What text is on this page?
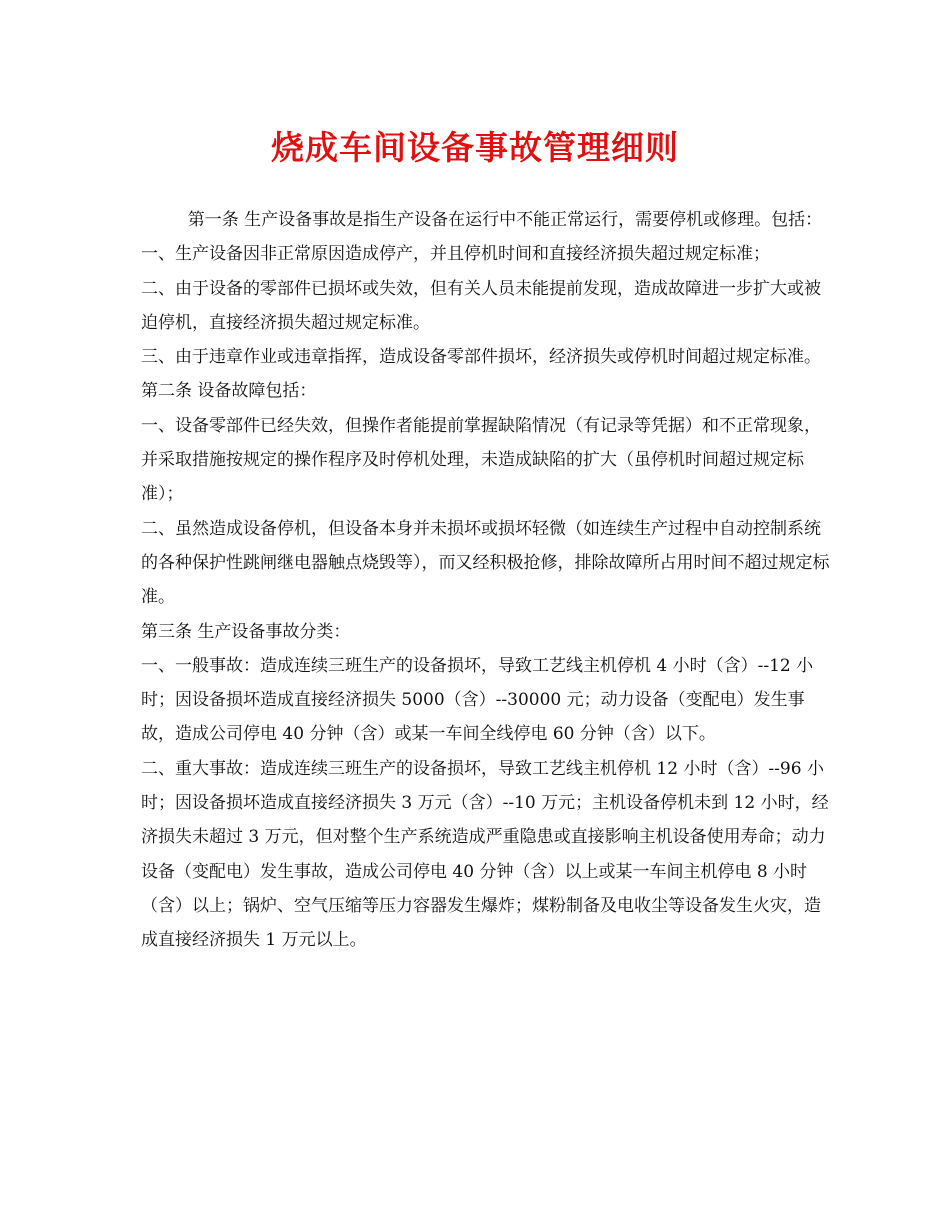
烧成车间设备事故管理细则

第一条 生产设备事故是指生产设备在运行中不能正常运行，需要停机或修理。包括：

一、生产设备因非正常原因造成停产，并且停机时间和直接经济损失超过规定标准；

二、由于设备的零部件已损坏或失效，但有关人员未能提前发现，造成故障进一步扩大或被迫停机，直接经济损失超过规定标准。

三、由于违章作业或违章指挥，造成设备零部件损坏，经济损失或停机时间超过规定标准。

第二条 设备故障包括：

一、设备零部件已经失效，但操作者能提前掌握缺陷情况（有记录等凭据）和不正常现象，并采取措施按规定的操作程序及时停机处理，未造成缺陷的扩大（虽停机时间超过规定标准）；

二、虽然造成设备停机，但设备本身并未损坏或损坏轻微（如连续生产过程中自动控制系统的各种保护性跳闸继电器触点烧毁等），而又经积极抢修，排除故障所占用时间不超过规定标准。

第三条 生产设备事故分类：

一、一般事故：造成连续三班生产的设备损坏，导致工艺线主机停机 4 小时（含）--12 小时；因设备损坏造成直接经济损失 5000（含）--30000 元；动力设备（变配电）发生事故，造成公司停电 40 分钟（含）或某一车间全线停电 60 分钟（含）以下。

二、重大事故：造成连续三班生产的设备损坏，导致工艺线主机停机 12 小时（含）--96 小时；因设备损坏造成直接经济损失 3 万元（含）--10 万元；主机设备停机未到 12 小时，经济损失未超过 3 万元，但对整个生产系统造成严重隐患或直接影响主机设备使用寿命；动力设备（变配电）发生事故，造成公司停电 40 分钟（含）以上或某一车间主机停电 8 小时（含）以上；锅炉、空气压缩等压力容器发生爆炸；煤粉制备及电收尘等设备发生火灾，造成直接经济损失 1 万元以上。
